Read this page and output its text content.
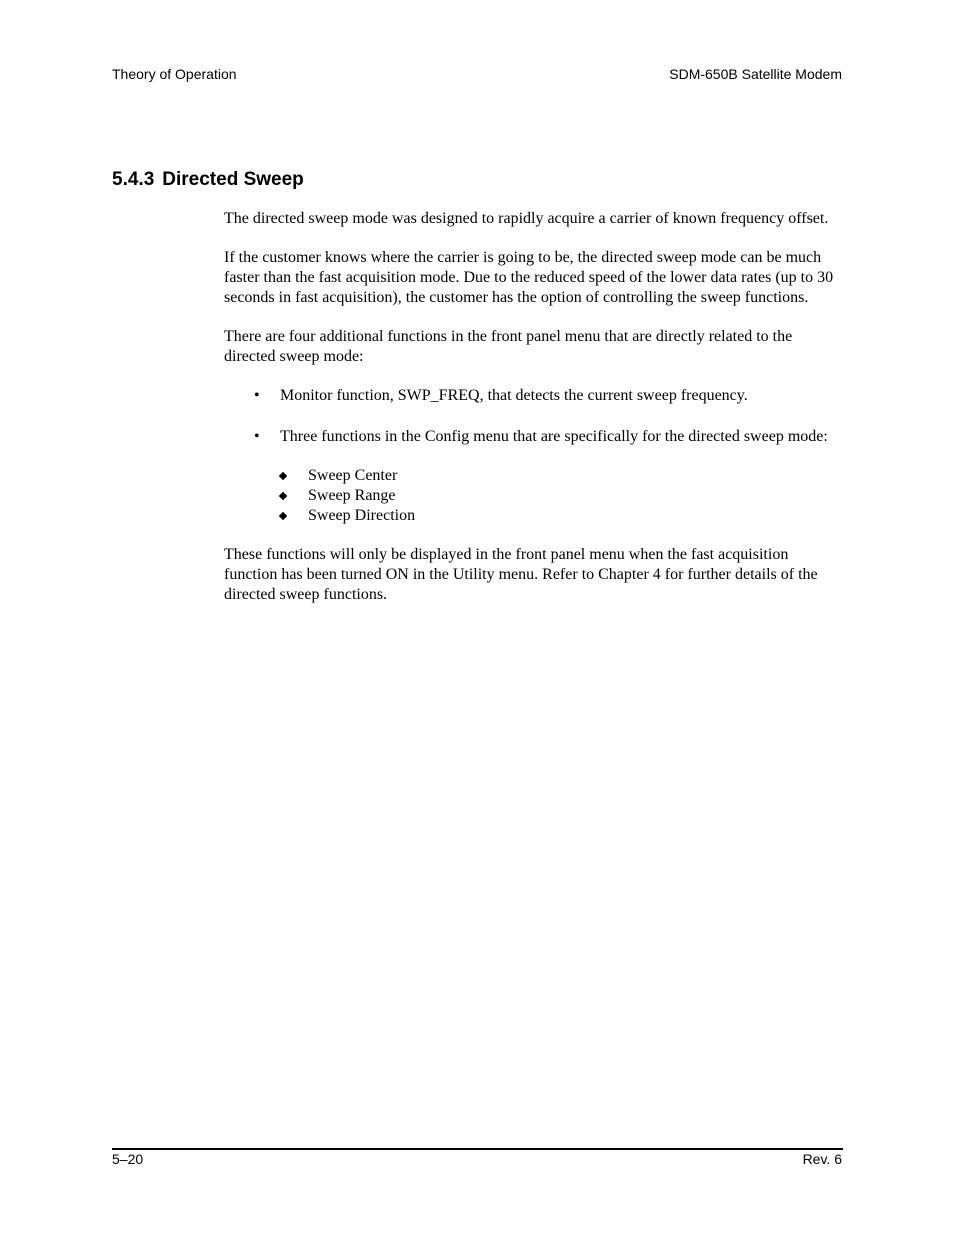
Theory of Operation	SDM-650B Satellite Modem
5.4.3 Directed Sweep

The directed sweep mode was designed to rapidly acquire a carrier of known frequency offset.

If the customer knows where the carrier is going to be, the directed sweep mode can be much faster than the fast acquisition mode. Due to the reduced speed of the lower data rates (up to 30 seconds in fast acquisition), the customer has the option of controlling the sweep functions.

There are four additional functions in the front panel menu that are directly related to the directed sweep mode:

• Monitor function, SWP_FREQ, that detects the current sweep frequency.
• Three functions in the Config menu that are specifically for the directed sweep mode:
Sweep Center
Sweep Range
Sweep Direction

These functions will only be displayed in the front panel menu when the fast acquisition function has been turned ON in the Utility menu. Refer to Chapter 4 for further details of the directed sweep functions.

5–20	Rev. 6
